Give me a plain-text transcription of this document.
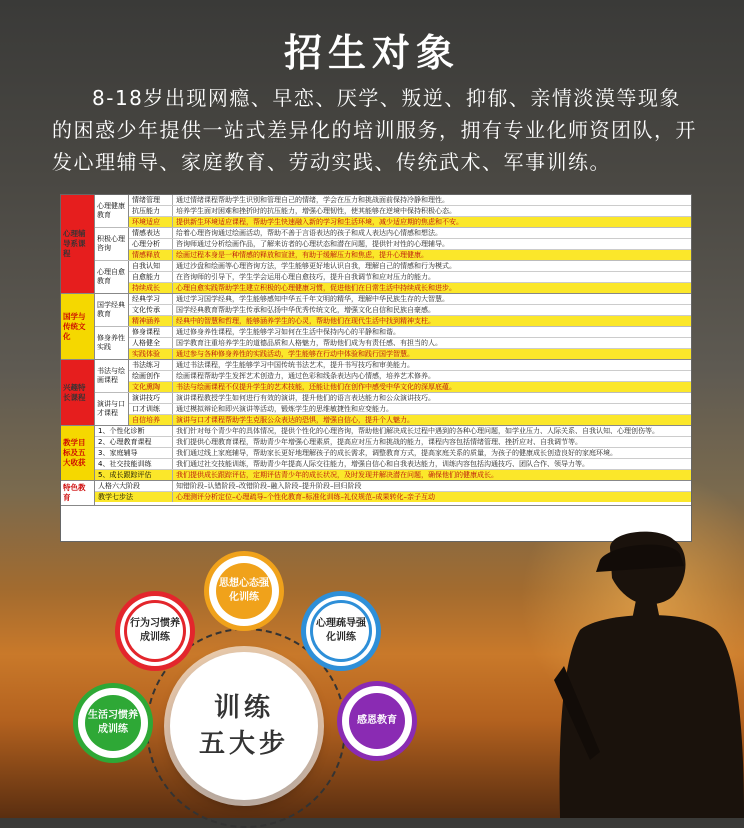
招生对象

8-18岁出现网瘾、早恋、厌学、叛逆、抑郁、亲情淡漠等现象的困惑少年提供一站式差异化的培训服务，拥有专业化师资团队，开发心理辅导、家庭教育、劳动实践、传统武术、军事训练。

心理辅导系课程
心理健康教育
情绪管理	通过情绪课程帮助学生识别和管理自己的情绪，学会在压力和挑战面前保持冷静和理性。
抗压能力	培养学生面对困难和挫折时的抗压能力，增强心理韧性，使其能够在逆境中保持积极心态。
环境适应	提供新生环境适应课程，帮助学生快速融入新的学习和生活环境，减少适应期的焦虑和不安。
积极心理咨询
情感表达	给着心理咨询通过绘画活动，帮助不善于言语表达的孩子和成人表达内心情感和想法。
心理分析	咨询师通过分析绘画作品，了解来访者的心理状态和潜在问题，提供针对性的心理辅导。
情感释放	绘画过程本身是一种情感的释放和宣泄，有助于缓解压力和焦虑，提升心理健康。
心理自愈教育
自我认知	通过沙盘和绘画等心理咨询方法，学生能够更好地认识自我，理解自己的情感和行为模式。
自愈能力	在咨询师的引导下，学生学会运用心理自愈技巧，提升自我调节和应对压力的能力。
持续成长	心理自愈实践帮助学生建立积极的心理健康习惯，促进他们在日常生活中持续成长和进步。
国学与传统文化
国学经典教育
经典学习	通过学习国学经典，学生能够感知中华五千年文明的精华，理解中华民族生存的大智慧。
文化传承	国学经典教育帮助学生传承和弘扬中华优秀传统文化，增强文化自信和民族自豪感。
精神涵养	经典中的智慧和哲理，能够涵养学生的心灵，帮助他们在现代生活中找到精神支柱。
修身养性实践
修身课程	通过修身养性课程，学生能够学习如何在生活中保持内心的平静和和谐。
人格健全	国学教育注重培养学生的道德品质和人格魅力，帮助他们成为有责任感、有担当的人。
实践体验	通过参与各种修身养性的实践活动，学生能够在行动中体验和践行国学智慧。
兴趣特长课程
书法与绘画课程
书法练习	通过书法课程，学生能够学习中国传统书法艺术，提升书写技巧和审美能力。
绘画创作	绘画课程帮助学生发挥艺术创造力，通过色彩和线条表达内心情感，培养艺术修养。
文化熏陶	书法与绘画课程不仅提升学生的艺术技能，还能让他们在创作中感受中华文化的深厚底蕴。
演讲与口才课程
演讲技巧	演讲课程教授学生如何进行有效的演讲，提升他们的语言表达能力和公众演讲技巧。
口才训练	通过模拟辩论和即兴演讲等活动，锻炼学生的思维敏捷性和应变能力。
自信培养	演讲与口才课程帮助学生克服公众表达的恐惧，增强自信心，提升个人魅力。
教学目标及五大收获
1、个性化诊断	我们针对每个青少年的具体情况，提供个性化的心理咨询，帮助他们解决成长过程中遇到的各种心理问题，如学业压力、人际关系、自我认知、心理创伤等。
2、心理教育课程	我们提供心理教育课程，帮助青少年增强心理素质，提高应对压力和挑战的能力，课程内容包括情绪管理、挫折应对、自我调节等。
3、家庭辅导	我们通过线上家庭辅导，帮助家长更好地理解孩子的成长需求，调整教育方式，提高家庭关系的质量，为孩子的健康成长创造良好的家庭环境。
4、社交技能训练	我们通过社交技能训练，帮助青少年提高人际交往能力，增强自信心和自我表达能力，训练内容包括沟通技巧、团队合作、领导力等。
5、成长跟踪评估	我们提供成长跟踪评估，定期评估青少年的成长状况，及时发现并解决潜在问题，确保他们的健康成长。
特色教育
人格六大阶段	知错阶段–认错阶段–改错阶段–融入阶段–提升阶段–回归阶段
教学七步法	心理测评分析定位–心理疏导–个性化教育–标准化训练–礼仪规范–成果转化–亲子互动
训练
五大步
思想心态强化训练
行为习惯养成训练
心理疏导强化训练
生活习惯养成训练
感恩教育
